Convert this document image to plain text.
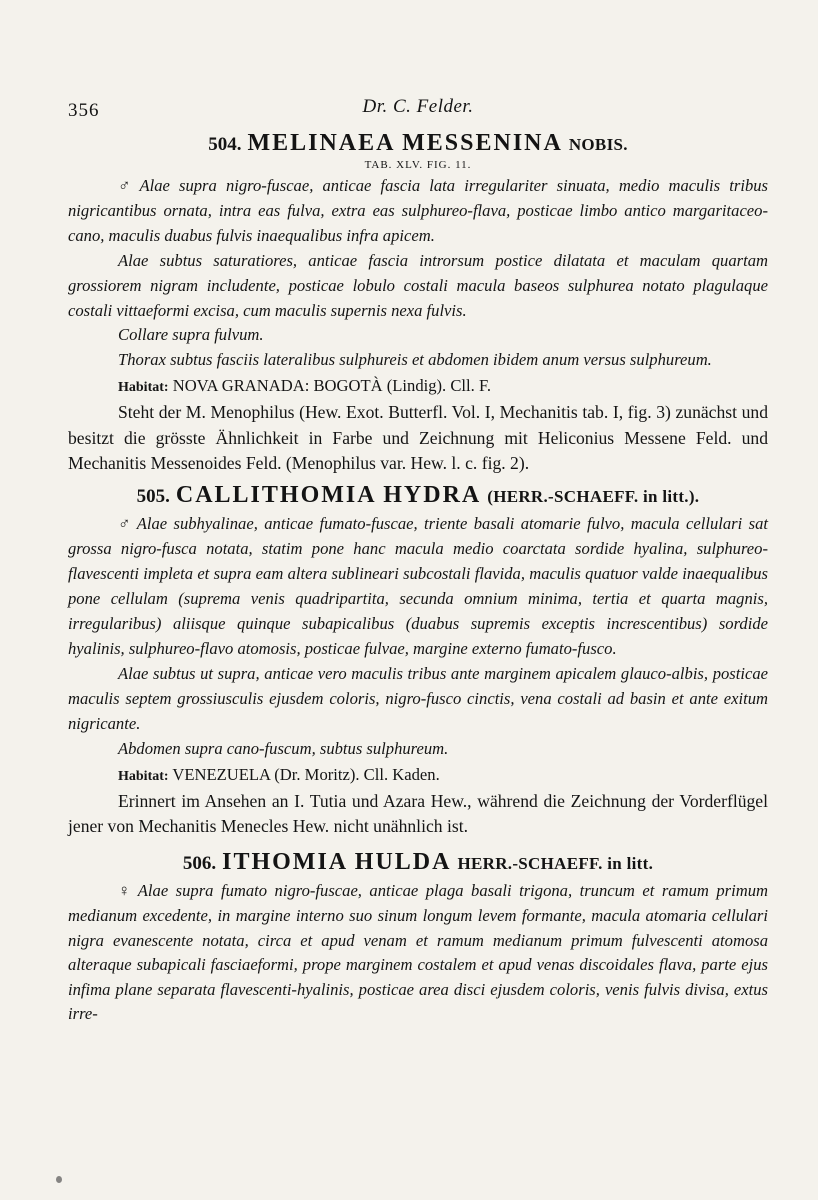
356	Dr. C. Felder.
504. MELINAEA MESSENINA NOBIS.
TAB. XLV. FIG. 11.

♂ Alae supra nigro-fuscae, anticae fascia lata irregulariter sinuata, medio maculis tribus nigricantibus ornata, intra eas fulva, extra eas sulphureo-flava, posticae limbo antico margaritaceo-cano, maculis duabus fulvis inaequalibus infra apicem.

Alae subtus saturatiores, anticae fascia introrsum postice dilatata et maculam quartam grossiorem nigram includente, posticae lobulo costali macula baseos sulphurea notato plagulaque costali vittaeformi excisa, cum maculis supernis nexa fulvis.

Collare supra fulvum.

Thorax subtus fasciis lateralibus sulphureis et abdomen ibidem anum versus sulphureum.

Habitat: NOVA GRANADA: BOGOTÀ (Lindig). Cll. F.

Steht der M. Menophilus (Hew. Exot. Butterfl. Vol. I, Mechanitis tab. I, fig. 3) zunächst und besitzt die grösste Ähnlichkeit in Farbe und Zeichnung mit Heliconius Messene Feld. und Mechanitis Messenoides Feld. (Menophilus var. Hew. l. c. fig. 2).

505. CALLITHOMIA HYDRA (HERR.-SCHAEFF. in litt.).

♂ Alae subhyalinae, anticae fumato-fuscae, triente basali atomarie fulvo, macula cellulari sat grossa nigro-fusca notata, statim pone hanc macula medio coarctata sordide hyalina, sulphureo-flavescenti impleta et supra eam altera sublineari subcostali flavida, maculis quatuor valde inaequalibus pone cellulam (suprema venis quadripartita, secunda omnium minima, tertia et quarta magnis, irregularibus) aliisque quinque subapicalibus (duabus supremis exceptis increscentibus) sordide hyalinis, sulphureo-flavo atomosis, posticae fulvae, margine externo fumato-fusco.

Alae subtus ut supra, anticae vero maculis tribus ante marginem apicalem glauco-albis, posticae maculis septem grossiusculis ejusdem coloris, nigro-fusco cinctis, vena costali ad basin et ante exitum nigricante.

Abdomen supra cano-fuscum, subtus sulphureum.

Habitat: VENEZUELA (Dr. Moritz). Cll. Kaden.

Erinnert im Ansehen an I. Tutia und Azara Hew., während die Zeichnung der Vorderflügel jener von Mechanitis Menecles Hew. nicht unähnlich ist.

506. ITHOMIA HULDA HERR.-SCHAEFF. in litt.

♀ Alae supra fumato nigro-fuscae, anticae plaga basali trigona, truncum et ramum primum medianum excedente, in margine interno suo sinum longum levem formante, macula atomaria cellulari nigra evanescente notata, circa et apud venam et ramum medianum primum fulvescenti atomosa alteraque subapicali fasciaeformi, prope marginem costalem et apud venas discoidales flava, parte ejus infima plane separata flavescenti-hyalinis, posticae area disci ejusdem coloris, venis fulvis divisa, extus irre-
